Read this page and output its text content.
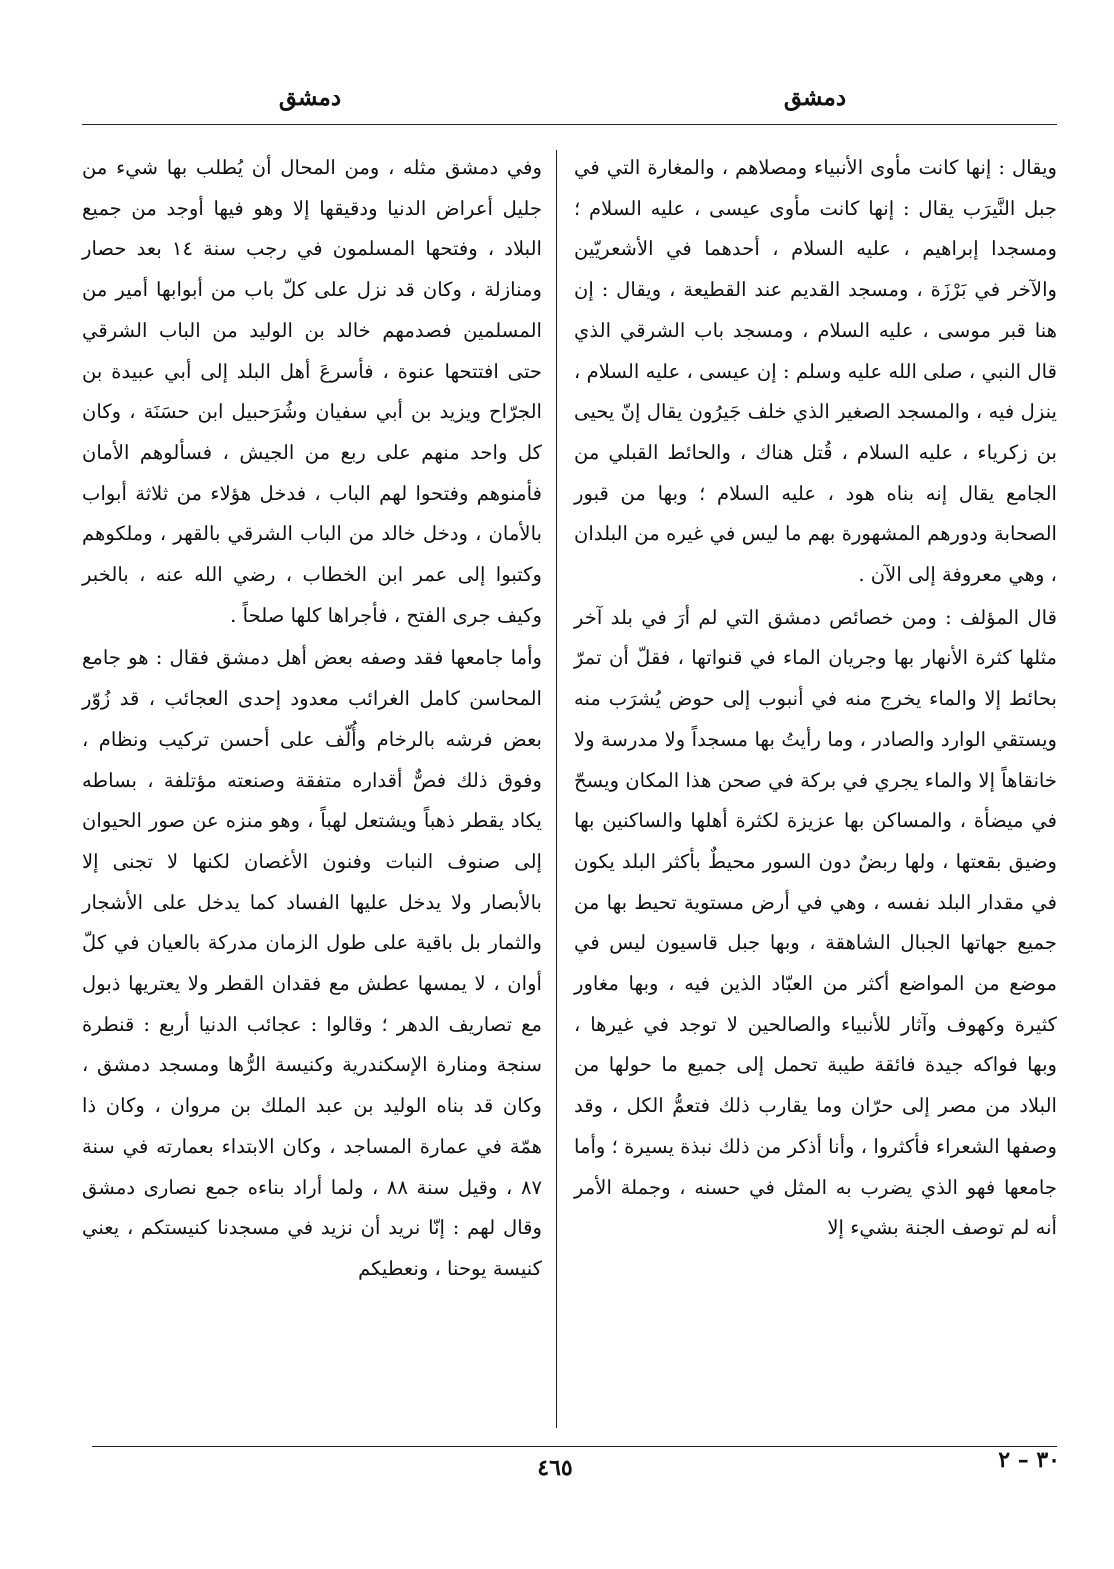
دمشق
دمشق

ويقال : إنها كانت مأوى الأنبياء ومصلاهم ، والمغارة التي في جبل النَّيرَب يقال : إنها كانت مأوى عيسى ، عليه السلام ؛ ومسجدا إبراهيم ، عليه السلام ، أحدهما في الأشعريّين والآخر في بَرْزَة ، ومسجد القديم عند القطيعة ، ويقال : إن هنا قبر موسى ، عليه السلام ، ومسجد باب الشرقي الذي قال النبي ، صلى الله عليه وسلم : إن عيسى ، عليه السلام ، ينزل فيه ، والمسجد الصغير الذي خلف جَيرُون يقال إنّ يحيى بن زكرياء ، عليه السلام ، قُتل هناك ، والحائط القبلي من الجامع يقال إنه بناه هود ، عليه السلام ؛ وبها من قبور الصحابة ودورهم المشهورة بهم ما ليس في غيره من البلدان ، وهي معروفة إلى الآن .

قال المؤلف : ومن خصائص دمشق التي لم أرَ في بلد آخر مثلها كثرة الأنهار بها وجريان الماء في قنواتها ، فقلّ أن تمرّ بحائط إلا والماء يخرج منه في أنبوب إلى حوض يُشرَب منه ويستقي الوارد والصادر ، وما رأيتُ بها مسجداً ولا مدرسة ولا خانقاهاً إلا والماء يجري في بركة في صحن هذا المكان ويسحّ في ميضأة ، والمساكن بها عزيزة لكثرة أهلها والساكنين بها وضيق بقعتها ، ولها ربضٌ دون السور محيطٌ بأكثر البلد يكون في مقدار البلد نفسه ، وهي في أرض مستوية تحيط بها من جميع جهاتها الجبال الشاهقة ، وبها جبل قاسيون ليس في موضع من المواضع أكثر من العبّاد الذين فيه ، وبها مغاور كثيرة وكهوف وآثار للأنبياء والصالحين لا توجد في غيرها ، وبها فواكه جيدة فائقة طيبة تحمل إلى جميع ما حولها من البلاد من مصر إلى حرّان وما يقارب ذلك فتعمُّ الكل ، وقد وصفها الشعراء فأكثروا ، وأنا أذكر من ذلك نبذة يسيرة ؛ وأما جامعها فهو الذي يضرب به المثل في حسنه ، وجملة الأمر أنه لم توصف الجنة بشيء إلا

وفي دمشق مثله ، ومن المحال أن يُطلب بها شيء من جليل أعراض الدنيا ودقيقها إلا وهو فيها أوجد من جميع البلاد ، وفتحها المسلمون في رجب سنة ١٤ بعد حصار ومنازلة ، وكان قد نزل على كلّ باب من أبوابها أمير من المسلمين فصدمهم خالد بن الوليد من الباب الشرقي حتى افتتحها عنوة ، فأسرعَ أهل البلد إلى أبي عبيدة بن الجرّاح ويزيد بن أبي سفيان وشُرَحبيل ابن حسَنَة ، وكان كل واحد منهم على ربع من الجيش ، فسألوهم الأمان فأمنوهم وفتحوا لهم الباب ، فدخل هؤلاء من ثلاثة أبواب بالأمان ، ودخل خالد من الباب الشرقي بالقهر ، وملكوهم وكتبوا إلى عمر ابن الخطاب ، رضي الله عنه ، بالخبر وكيف جرى الفتح ، فأجراها كلها صلحاً .

وأما جامعها فقد وصفه بعض أهل دمشق فقال : هو جامع المحاسن كامل الغرائب معدود إحدى العجائب ، قد زُوّر بعض فرشه بالرخام وأُلّف على أحسن تركيب ونظام ، وفوق ذلك فصٌّ أقداره متفقة وصنعته مؤتلفة ، بساطه يكاد يقطر ذهباً ويشتعل لهباً ، وهو منزه عن صور الحيوان إلى صنوف النبات وفنون الأغصان لكنها لا تجنى إلا بالأبصار ولا يدخل عليها الفساد كما يدخل على الأشجار والثمار بل باقية على طول الزمان مدركة بالعيان في كلّ أوان ، لا يمسها عطش مع فقدان القطر ولا يعتريها ذبول مع تصاريف الدهر ؛ وقالوا : عجائب الدنيا أربع : قنطرة سنجة ومنارة الإسكندرية وكنيسة الرُّها ومسجد دمشق ، وكان قد بناه الوليد بن عبد الملك بن مروان ، وكان ذا همّة في عمارة المساجد ، وكان الابتداء بعمارته في سنة ٨٧ ، وقيل سنة ٨٨ ، ولما أراد بناءه جمع نصارى دمشق وقال لهم : إنّا نريد أن نزيد في مسجدنا كنيستكم ، يعني كنيسة يوحنا ، ونعطيكم

٤٦٥	٣٠ – ٢
